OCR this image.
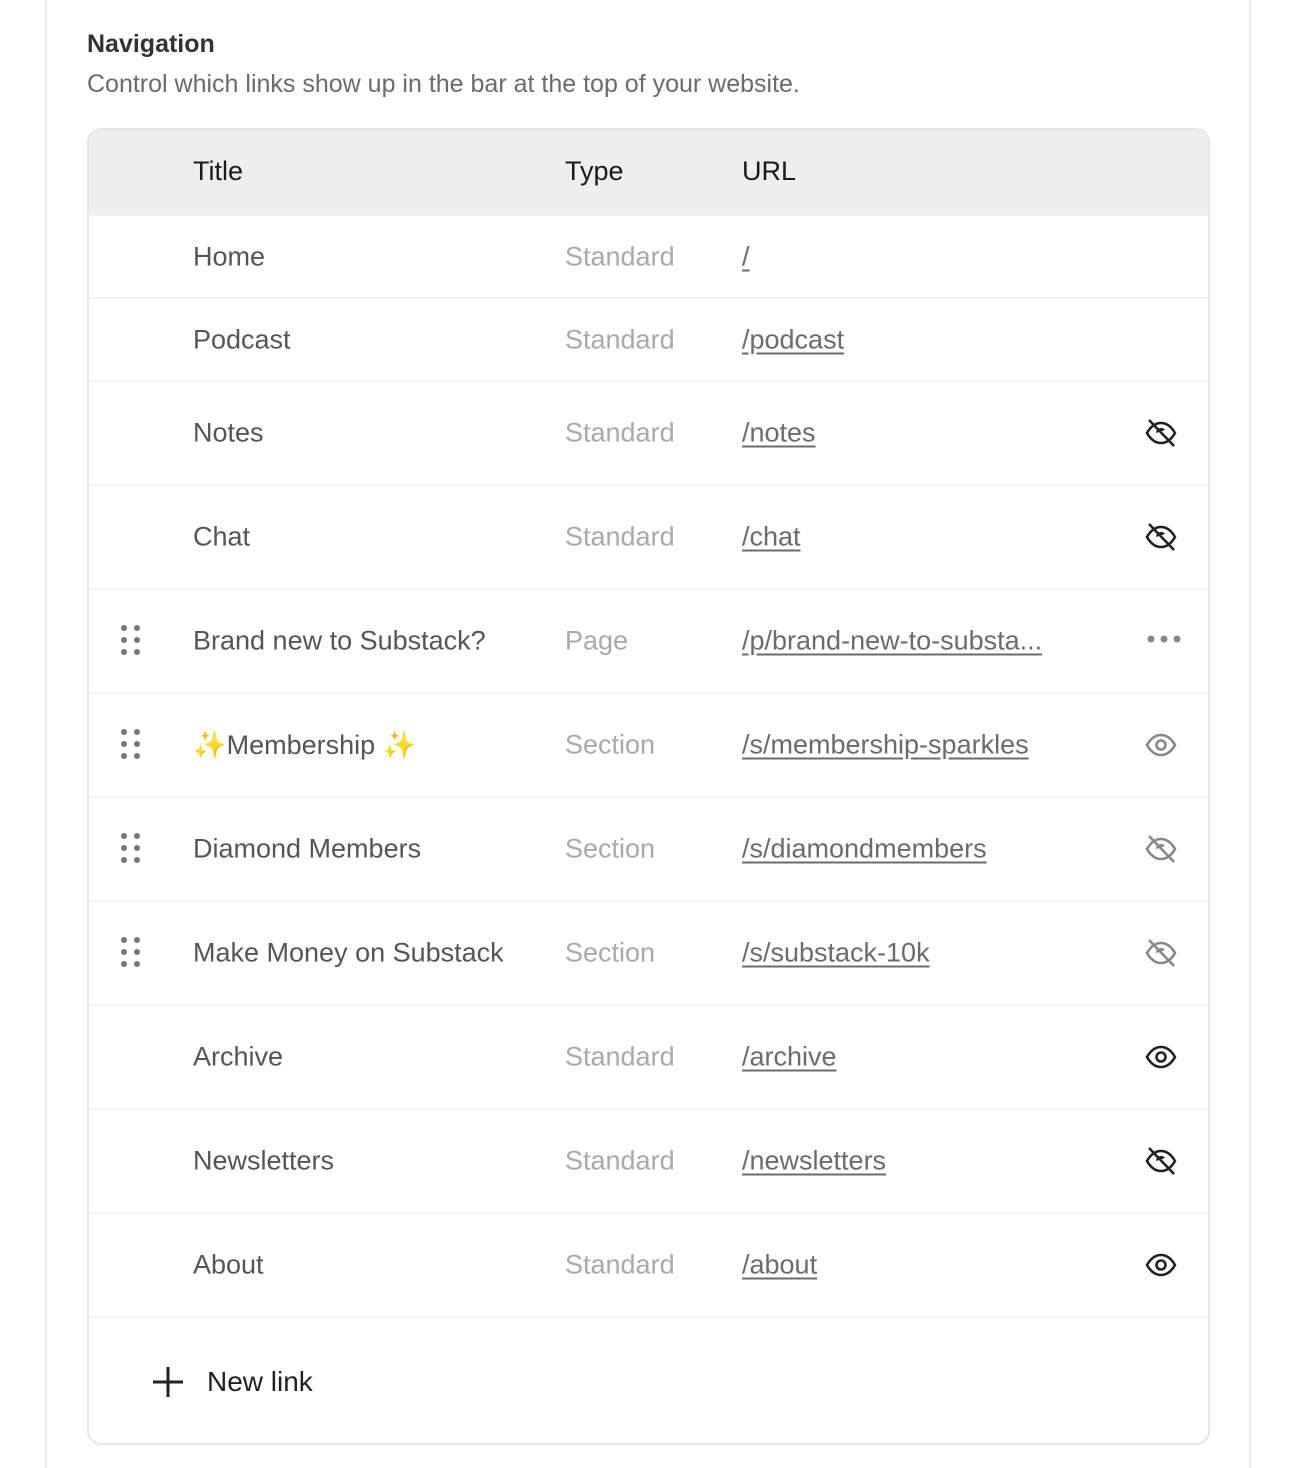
Navigation
Control which links show up in the bar at the top of your website.
Title	Type	URL
Home	Standard /
Podcast	Standard /podcast
Notes	Standard /notes
Chat	Standard /chat
Brand new to Substack?	Page	/p/brand-new-to-substa...
✨Membership ✨	Section	/s/membership-sparkles
Diamond Members	Section	/s/diamondmembers
Make Money on Substack Section	/s/substack-10k
Archive	Standard /archive
Newsletters	Standard /newsletters
About	Standard /about
New link
